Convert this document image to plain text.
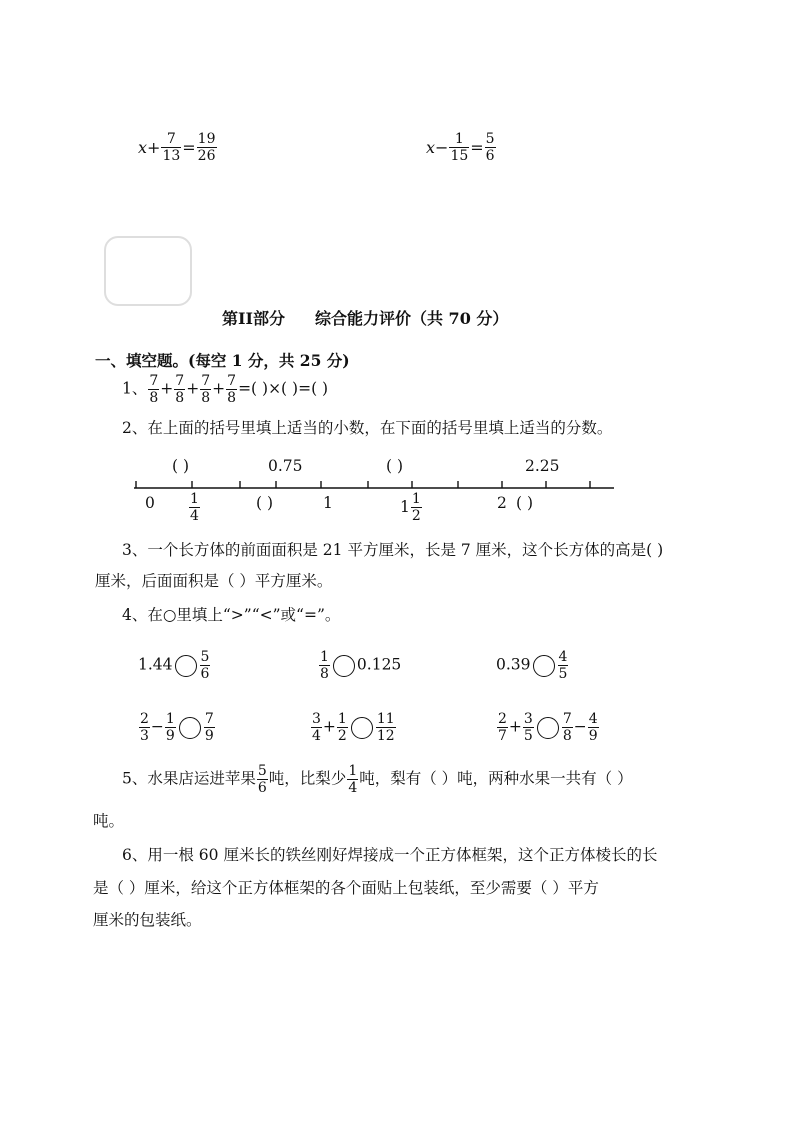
$x+ \frac{7}{13} = \frac{19}{26}$	$x- \frac{1}{15} = \frac{5}{6}$
第II部分 综合能力评价（共 70 分）
一、填空题。(每空 1 分，共 25 分)
1、 $\frac{7}{8} + \frac{7}{8} + \frac{7}{8} + \frac{7}{8}$ =( )×( )=( )
2、在上面的括号里填上适当的小数，在下面的括号里填上适当的分数。
( )	0.75	( )	2.25
$0 \frac{1}{4}$	( )	1	$1 \frac{1}{2}$	2 ( )
3、一个长方体的前面面积是 21 平方厘米，长是 7 厘米，这个长方体的高是( )
厘米，后面面积是（ ）平方厘米。
4、在○里填上“>”“<”或“=”。
$1.44 \frac{5}{6}$	$\frac{1}{8} 0.125$	$0.39 \frac{4}{5}$
$\frac{2}{3} - \frac{1}{9} \frac{7}{9}$	$\frac{3}{4} + \frac{1}{2} \frac{11}{12}$	$\frac{2}{7} + \frac{3}{5} \frac{7}{8} - \frac{4}{9}$
5、水果店运进苹果 $\frac{5}{6}$ 吨，比梨少 $\frac{1}{4}$ 吨，梨有（ ）吨，两种水果一共有（ ）
吨。
6、用一根 60 厘米长的铁丝刚好焊接成一个正方体框架，这个正方体棱长的长
是（ ）厘米，给这个正方体框架的各个面贴上包装纸，至少需要（ ）平方
厘米的包装纸。
